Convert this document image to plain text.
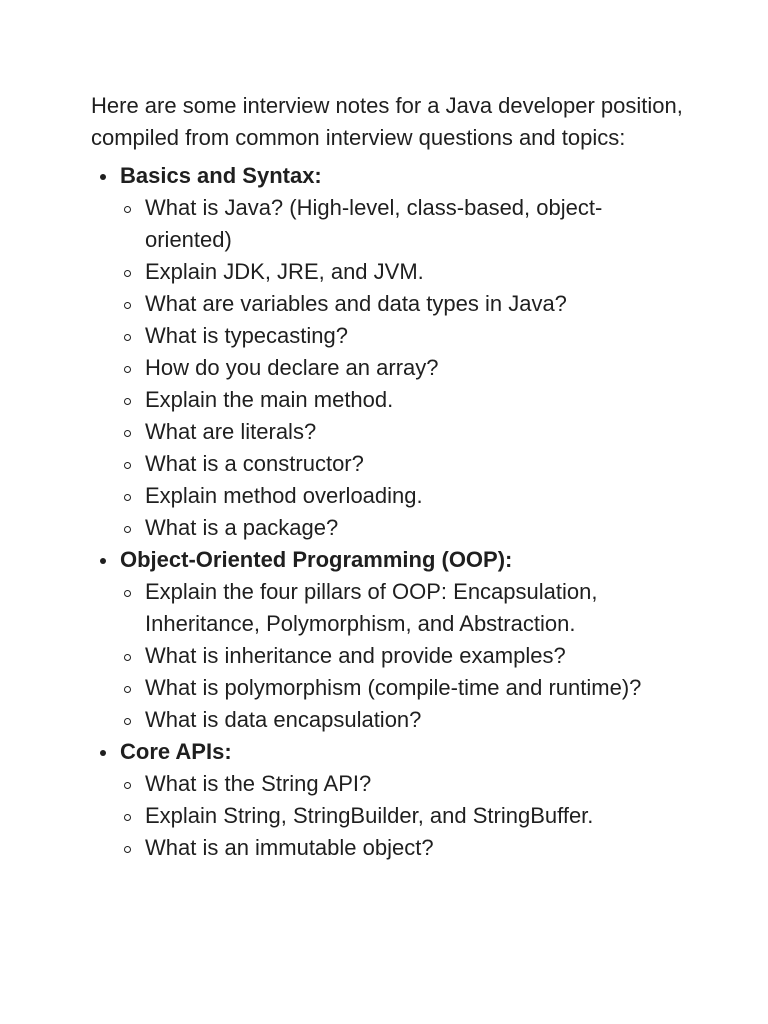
Here are some interview notes for a Java developer position, compiled from common interview questions and topics:

Basics and Syntax:
What is Java? (High-level, class-based, object-oriented)
Explain JDK, JRE, and JVM.
What are variables and data types in Java?
What is typecasting?
How do you declare an array?
Explain the main method.
What are literals?
What is a constructor?
Explain method overloading.
What is a package?
Object-Oriented Programming (OOP):
Explain the four pillars of OOP: Encapsulation, Inheritance, Polymorphism, and Abstraction.
What is inheritance and provide examples?
What is polymorphism (compile-time and runtime)?
What is data encapsulation?
Core APIs:
What is the String API?
Explain String, StringBuilder, and StringBuffer.
What is an immutable object?
